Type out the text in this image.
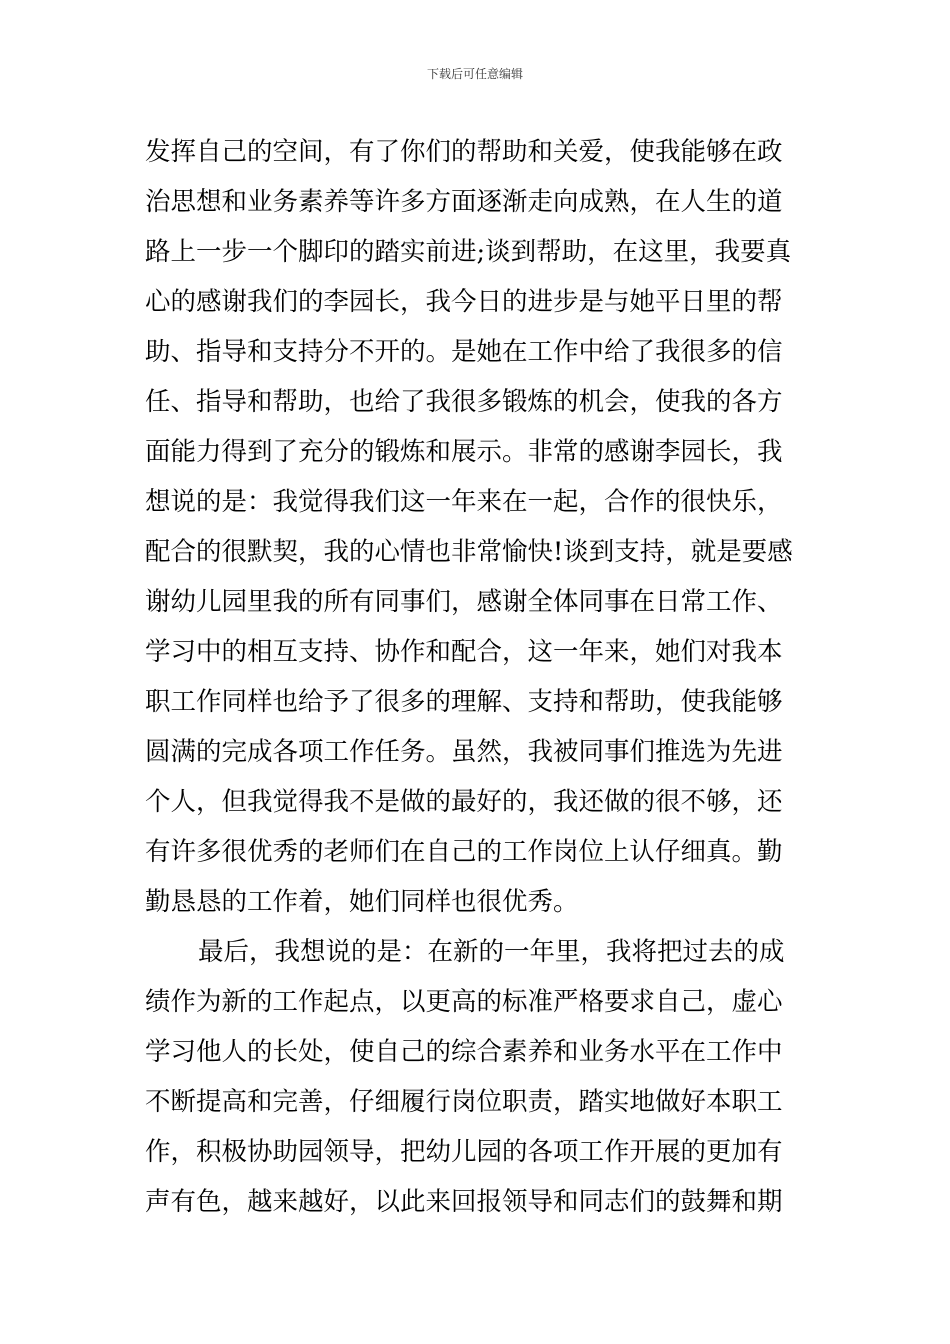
下载后可任意编辑
发挥自己的空间，有了你们的帮助和关爱，使我能够在政
治思想和业务素养等许多方面逐渐走向成熟，在人生的道
路上一步一个脚印的踏实前进;谈到帮助，在这里，我要真
心的感谢我们的李园长，我今日的进步是与她平日里的帮
助、指导和支持分不开的。是她在工作中给了我很多的信
任、指导和帮助，也给了我很多锻炼的机会，使我的各方
面能力得到了充分的锻炼和展示。非常的感谢李园长，我
想说的是：我觉得我们这一年来在一起，合作的很快乐，
配合的很默契，我的心情也非常愉快!谈到支持，就是要感
谢幼儿园里我的所有同事们，感谢全体同事在日常工作、
学习中的相互支持、协作和配合，这一年来，她们对我本
职工作同样也给予了很多的理解、支持和帮助，使我能够
圆满的完成各项工作任务。虽然，我被同事们推选为先进
个人，但我觉得我不是做的最好的，我还做的很不够，还
有许多很优秀的老师们在自己的工作岗位上认仔细真。勤
勤恳恳的工作着，她们同样也很优秀。
最后，我想说的是：在新的一年里，我将把过去的成
绩作为新的工作起点，以更高的标准严格要求自己，虚心
学习他人的长处，使自己的综合素养和业务水平在工作中
不断提高和完善，仔细履行岗位职责，踏实地做好本职工
作，积极协助园领导，把幼儿园的各项工作开展的更加有
声有色，越来越好，以此来回报领导和同志们的鼓舞和期
